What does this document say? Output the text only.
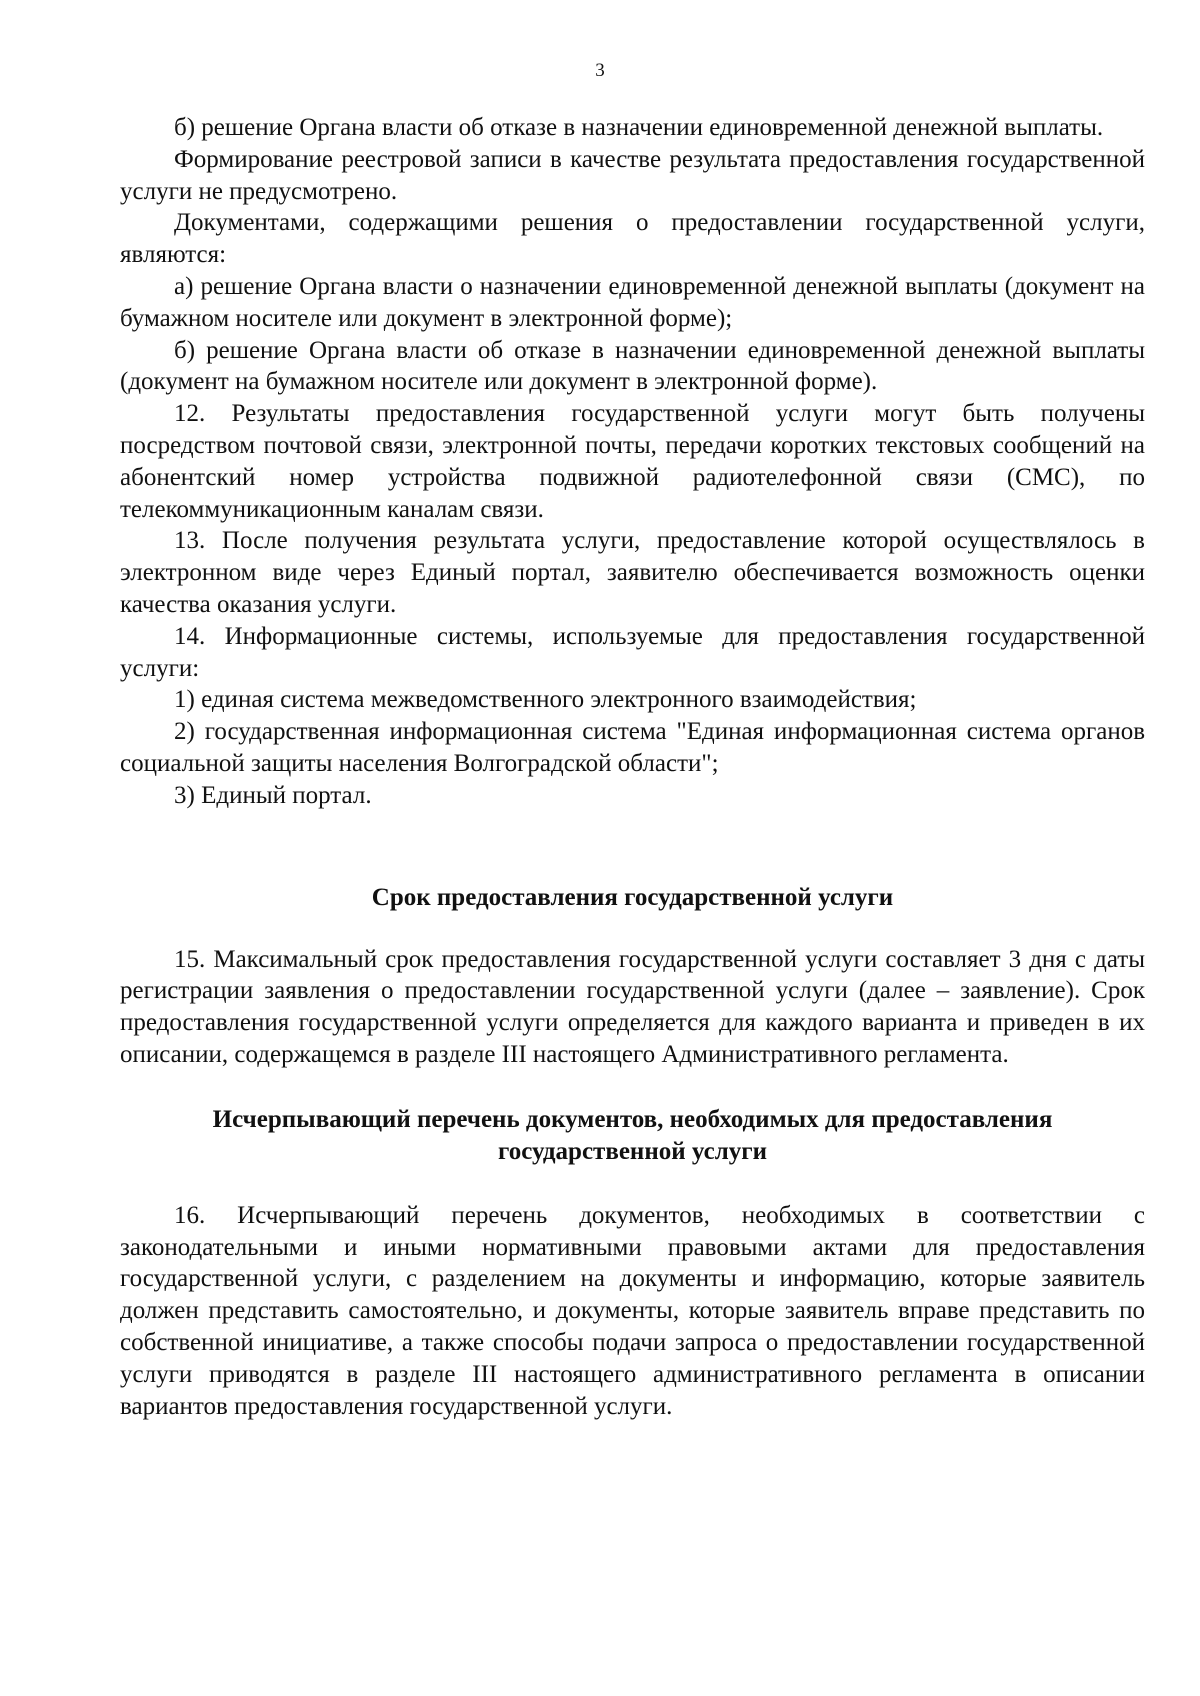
3

б) решение Органа власти об отказе в назначении единовременной денежной выплаты.

Формирование реестровой записи в качестве результата предоставления государственной услуги не предусмотрено.

Документами, содержащими решения о предоставлении государственной услуги, являются:

а) решение Органа власти о назначении единовременной денежной выплаты (документ на бумажном носителе или документ в электронной форме);

б) решение Органа власти об отказе в назначении единовременной денежной выплаты (документ на бумажном носителе или документ в электронной форме).

12. Результаты предоставления государственной услуги могут быть получены посредством почтовой связи, электронной почты, передачи коротких текстовых сообщений на абонентский номер устройства подвижной радиотелефонной связи (СМС), по телекоммуникационным каналам связи.

13. После получения результата услуги, предоставление которой осуществлялось в электронном виде через Единый портал, заявителю обеспечивается возможность оценки качества оказания услуги.

14. Информационные системы, используемые для предоставления государственной услуги:

1) единая система межведомственного электронного взаимодействия;

2) государственная информационная система "Единая информационная система органов социальной защиты населения Волгоградской области";

3) Единый портал.

Срок предоставления государственной услуги

15. Максимальный срок предоставления государственной услуги составляет 3 дня с даты регистрации заявления о предоставлении государственной услуги (далее – заявление). Срок предоставления государственной услуги определяется для каждого варианта и приведен в их описании, содержащемся в разделе III настоящего Административного регламента.

Исчерпывающий перечень документов, необходимых для предоставления
государственной услуги

16. Исчерпывающий перечень документов, необходимых в соответствии с законодательными и иными нормативными правовыми актами для предоставления государственной услуги, с разделением на документы и информацию, которые заявитель должен представить самостоятельно, и документы, которые заявитель вправе представить по собственной инициативе, а также способы подачи запроса о предоставлении государственной услуги приводятся в разделе III настоящего административного регламента в описании вариантов предоставления государственной услуги.
